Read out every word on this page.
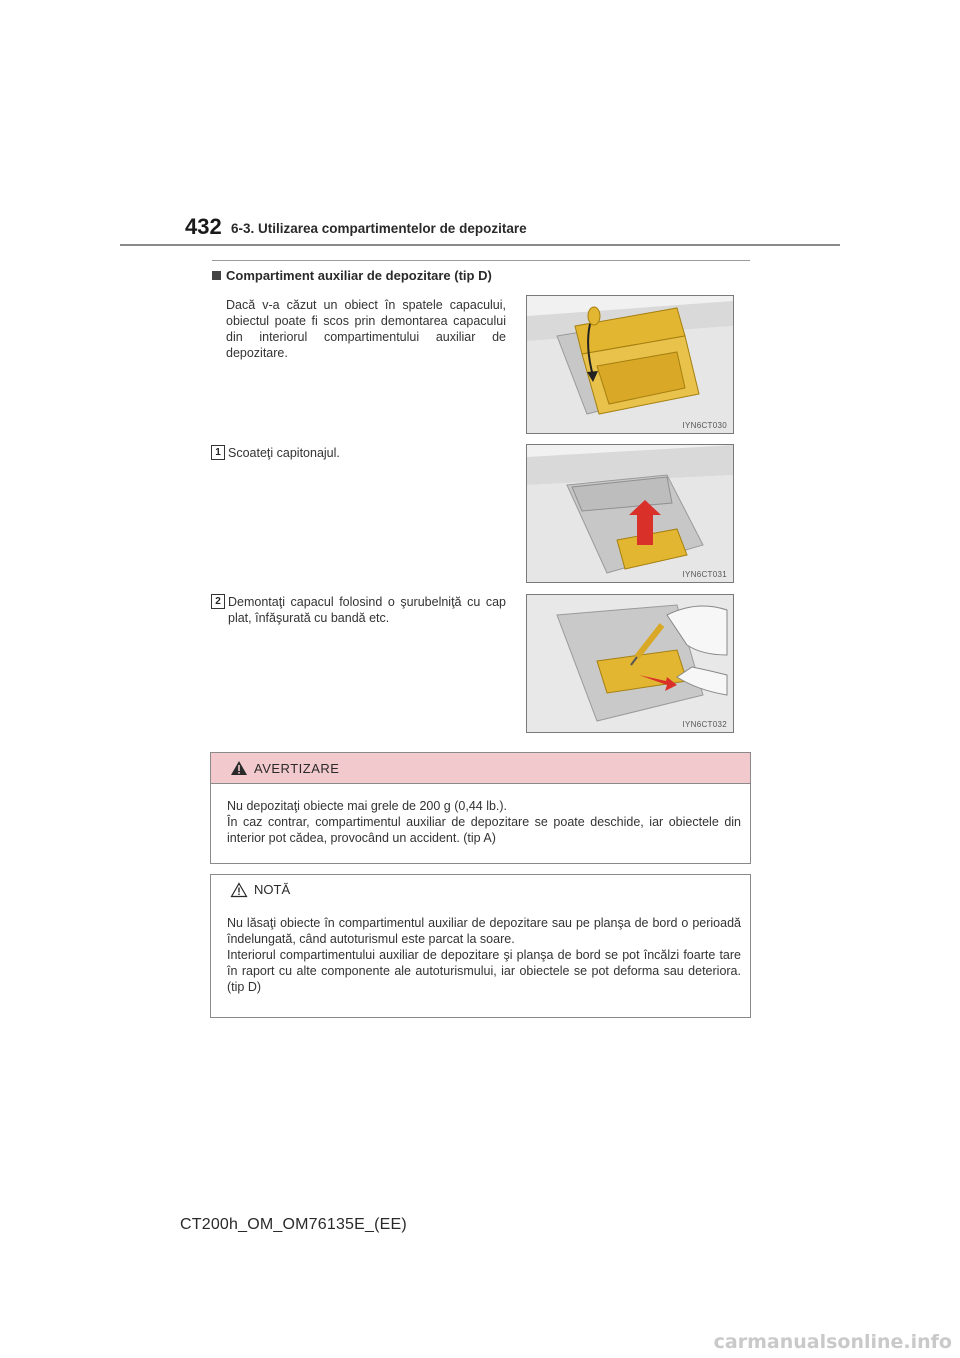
432 6-3. Utilizarea compartimentelor de depozitare
Compartiment auxiliar de depozitare (tip D)
Dacă v-a căzut un obiect în spatele capacului, obiectul poate fi scos prin demontarea capacului din interiorul compartimentului auxiliar de depozitare.
IYN6CT030
1 Scoateţi capitonajul.
IYN6CT031
2 Demontaţi capacul folosind o şurubelniţă cu cap plat, înfăşurată cu bandă etc.
IYN6CT032
AVERTIZARE
Nu depozitaţi obiecte mai grele de 200 g (0,44 lb.).
În caz contrar, compartimentul auxiliar de depozitare se poate deschide, iar obiectele din interior pot cădea, provocând un accident. (tip A)
NOTĂ
Nu lăsaţi obiecte în compartimentul auxiliar de depozitare sau pe planşa de bord o perioadă îndelungată, când autoturismul este parcat la soare.
Interiorul compartimentului auxiliar de depozitare şi planşa de bord se pot încălzi foarte tare în raport cu alte componente ale autoturismului, iar obiectele se pot deforma sau deteriora. (tip D)
CT200h_OM_OM76135E_(EE)
carmanualsonline.info
